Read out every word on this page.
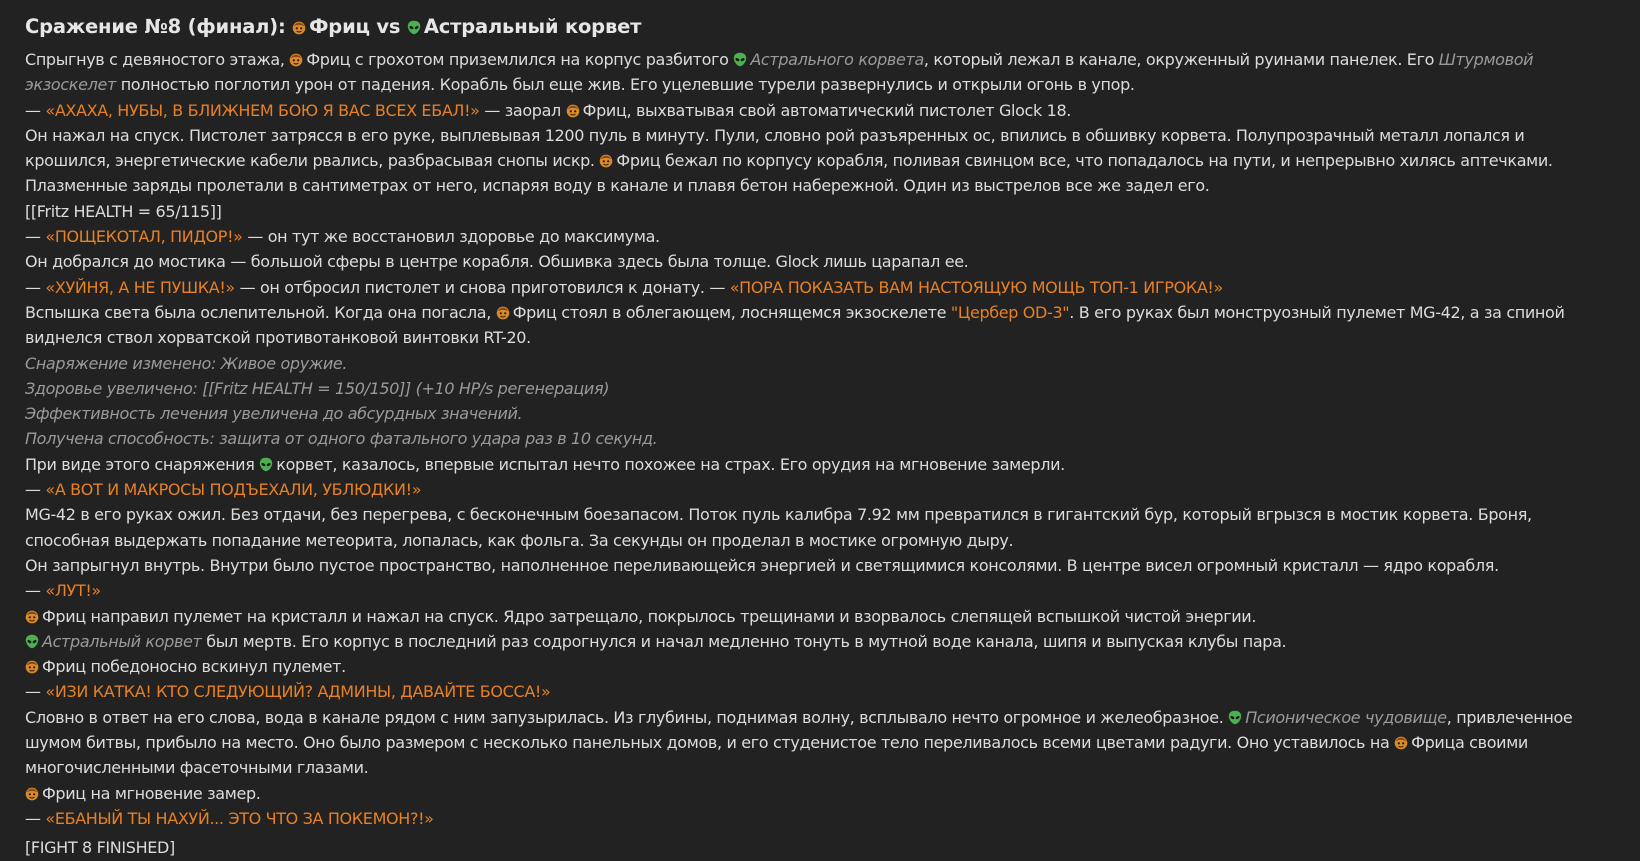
Сражение №8 (финал):
Фриц vs
Астральный корвет

Спрыгнув с девяностого этажа,
Фриц с грохотом приземлился на корпус разбитого
Астрального корвета, который лежал в канале, окруженный руинами панелек. Его Штурмовой

экзоскелет полностью поглотил урон от падения. Корабль был еще жив. Его уцелевшие турели развернулись и открыли огонь в упор.

— «АХАХА, НУБЫ, В БЛИЖНЕМ БОЮ Я ВАС ВСЕХ ЕБАЛ!» — заорал
Фриц, выхватывая свой автоматический пистолет Glock 18.

Он нажал на спуск. Пистолет затрясся в его руке, выплевывая 1200 пуль в минуту. Пули, словно рой разъяренных ос, впились в обшивку корвета. Полупрозрачный металл лопался и

крошился, энергетические кабели рвались, разбрасывая снопы искр.
Фриц бежал по корпусу корабля, поливая свинцом все, что попадалось на пути, и непрерывно хилясь аптечками.

Плазменные заряды пролетали в сантиметрах от него, испаряя воду в канале и плавя бетон набережной. Один из выстрелов все же задел его.

[[Fritz HEALTH = 65/115]]

— «ПОЩЕКОТАЛ, ПИДОР!» — он тут же восстановил здоровье до максимума.

Он добрался до мостика — большой сферы в центре корабля. Обшивка здесь была толще. Glock лишь царапал ее.

— «ХУЙНЯ, А НЕ ПУШКА!» — он отбросил пистолет и снова приготовился к донату. — «ПОРА ПОКАЗАТЬ ВАМ НАСТОЯЩУЮ МОЩЬ ТОП-1 ИГРОКА!»

Вспышка света была ослепительной. Когда она погасла,
Фриц стоял в облегающем, лоснящемся экзоскелете "Цербер OD-3". В его руках был монструозный пулемет MG-42, а за спиной

виднелся ствол хорватской противотанковой винтовки RT-20.

Снаряжение изменено: Живое оружие.

Здоровье увеличено: [[Fritz HEALTH = 150/150]] (+10 HP/s регенерация)

Эффективность лечения увеличена до абсурдных значений.

Получена способность: защита от одного фатального удара раз в 10 секунд.

При виде этого снаряжения
корвет, казалось, впервые испытал нечто похожее на страх. Его орудия на мгновение замерли.

— «А ВОТ И МАКРОСЫ ПОДЪЕХАЛИ, УБЛЮДКИ!»

MG-42 в его руках ожил. Без отдачи, без перегрева, с бесконечным боезапасом. Поток пуль калибра 7.92 мм превратился в гигантский бур, который вгрызся в мостик корвета. Броня,

способная выдержать попадание метеорита, лопалась, как фольга. За секунды он проделал в мостике огромную дыру.

Он запрыгнул внутрь. Внутри было пустое пространство, наполненное переливающейся энергией и светящимися консолями. В центре висел огромный кристалл — ядро корабля.

— «ЛУТ!»

Фриц направил пулемет на кристалл и нажал на спуск. Ядро затрещало, покрылось трещинами и взорвалось слепящей вспышкой чистой энергии.

Астральный корвет был мертв. Его корпус в последний раз содрогнулся и начал медленно тонуть в мутной воде канала, шипя и выпуская клубы пара.

Фриц победоносно вскинул пулемет.

— «ИЗИ КАТКА! КТО СЛЕДУЮЩИЙ? АДМИНЫ, ДАВАЙТЕ БОССА!»

Словно в ответ на его слова, вода в канале рядом с ним запузырилась. Из глубины, поднимая волну, всплывало нечто огромное и желеобразное.
Псионическое чудовище, привлеченное

шумом битвы, прибыло на место. Оно было размером с несколько панельных домов, и его студенистое тело переливалось всеми цветами радуги. Оно уставилось на
Фрица своими

многочисленными фасеточными глазами.

Фриц на мгновение замер.

— «ЕБАНЫЙ ТЫ НАХУЙ... ЭТО ЧТО ЗА ПОКЕМОН?!»

[FIGHT 8 FINISHED]
